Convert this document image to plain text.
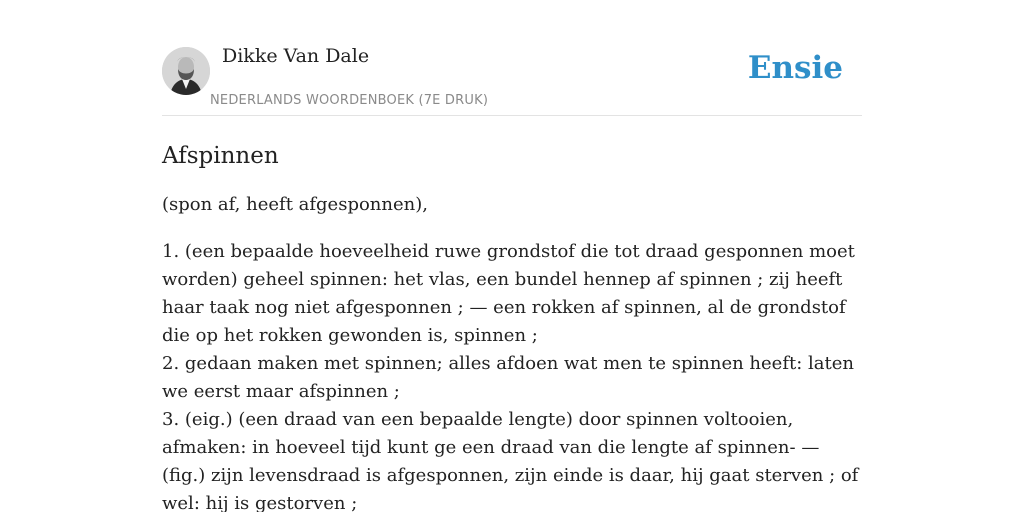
Dikke Van Dale
NEDERLANDS WOORDENBOEK (7E DRUK)
Ensie
Afspinnen

(spon af, heeft afgesponnen),

1. (een bepaalde hoeveelheid ruwe grondstof die tot draad gesponnen moet worden) geheel spinnen: het vlas, een bundel hennep af spinnen ; zij heeft haar taak nog niet afgesponnen ; — een rokken af spinnen, al de grondstof die op het rokken gewonden is, spinnen ;
2. gedaan maken met spinnen; alles afdoen wat men te spinnen heeft: laten we eerst maar afspinnen ;
3. (eig.) (een draad van een bepaalde lengte) door spinnen voltooien, afmaken: in hoeveel tijd kunt ge een draad van die lengte af spinnen- — (fig.) zijn levensdraad is afgesponnen, zijn einde is daar, hij gaat sterven ; of wel: hij is gestorven ;
